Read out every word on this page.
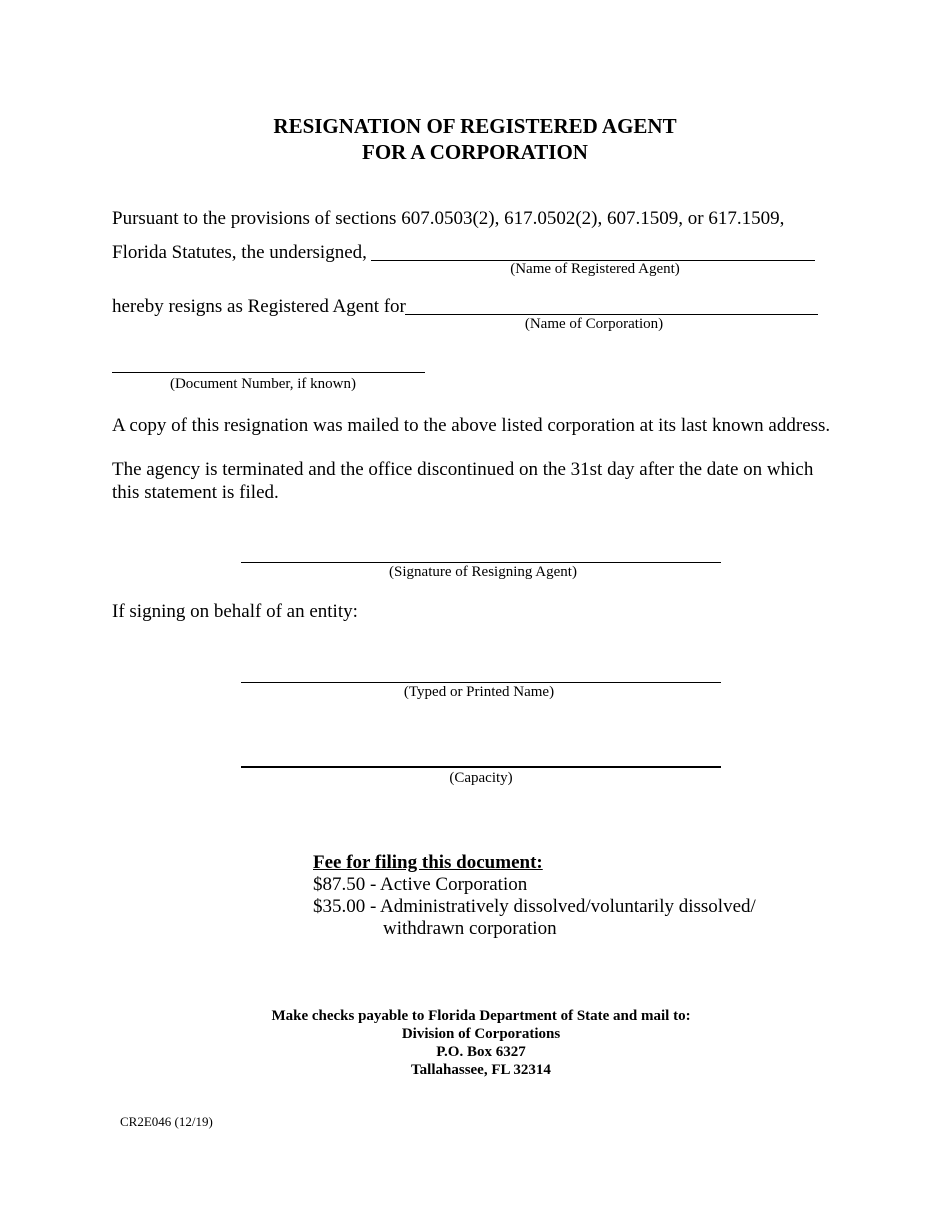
RESIGNATION OF REGISTERED AGENT
FOR A CORPORATION
Pursuant to the provisions of sections 607.0503(2), 617.0502(2), 607.1509, or 617.1509,
Florida Statutes, the undersigned,
(Name of Registered Agent)
hereby resigns as Registered Agent for
(Name of Corporation)
(Document Number, if known)
A copy of this resignation was mailed to the above listed corporation at its last known address.
The agency is terminated and the office discontinued on the 31st day after the date on which this statement is filed.
(Signature of Resigning Agent)
If signing on behalf of an entity:
(Typed or Printed Name)
(Capacity)
Fee for filing this document:
$87.50 - Active Corporation
$35.00 - Administratively dissolved/voluntarily dissolved/
withdrawn corporation
Make checks payable to Florida Department of State and mail to:
Division of Corporations
P.O. Box 6327
Tallahassee, FL 32314
CR2E046 (12/19)
